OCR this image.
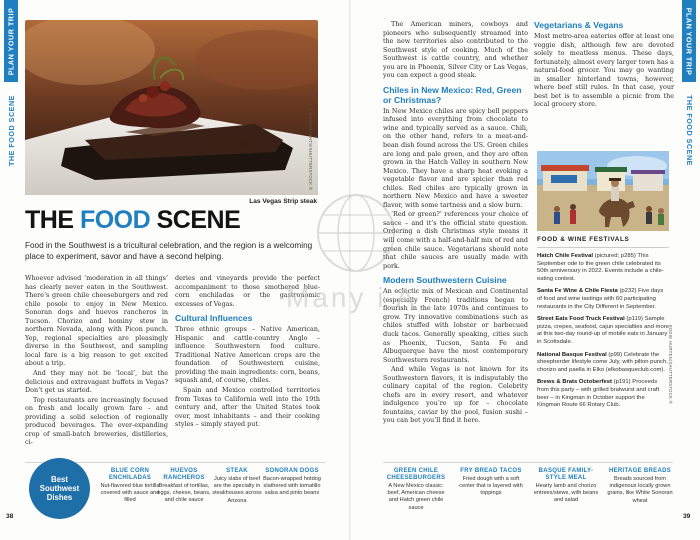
PLAN YOUR TRIP
THE FOOD SCENE
PLAN YOUR TRIP
THE FOOD SCENE
© FOODSLIGHTS/SHUTTERSTOCK ®
Las Vegas Strip steak
THE FOOD SCENE
Food in the Southwest is a tricultural celebration, and the region is a welcoming place to experiment, savor and have a second helping.

Whoever advised ‘moderation in all things’ has clearly never eaten in the Southwest. There’s green chile cheeseburgers and red chile posole to enjoy in New Mexico. Sonoran dogs and huevos rancheros in Tucson. Chorizo and hominy stew in northern Nevada, along with Picon punch. Yep, regional specialties are pleasingly diverse in the Southwest, and sampling local fare is a big reason to get excited about a trip.

And they may not be ‘local’, but the delicious and extravagant buffets in Vegas? Don’t get us started.

Top restaurants are increasingly focused on fresh and locally grown fare – and providing a solid selection of regionally produced beverages. The ever-expanding crop of small-batch breweries, distilleries, ci-

deries and vineyards provide the perfect accompaniment to those smothered blue-corn enchiladas or the gastronomic excesses of Vegas.

Cultural Influences

Three ethnic groups – Native American, Hispanic and cattle-country Anglo – influence Southwestern food culture. Traditional Native American crops are the foundation of Southwestern cuisine, providing the main ingredients: corn, beans, squash and, of course, chiles.

Spain and Mexico controlled territories from Texas to California well into the 19th century and, after the United States took over, most inhabitants – and their cooking styles – simply stayed put.

The American miners, cowboys and pioneers who subsequently streamed into the new territories also contributed to the Southwest style of cooking. Much of the Southwest is cattle country, and whether you are in Phoenix, Silver City or Las Vegas, you can expect a good steak.

Chiles in New Mexico: Red, Green or Christmas?

In New Mexico chiles are spicy bell peppers infused into everything from chocolate to wine and typically served as a sauce. Chili, on the other hand, refers to a meat-and-bean dish found across the US. Green chiles are long and pale green, and they are often grown in the Hatch Valley in southern New Mexico. They have a sharp heat evoking a vegetable flavor and are spicier than red chiles. Red chiles are typically grown in northern New Mexico and have a sweeter flavor, with some tartness and a slow burn.

‘Red or green?’ references your choice of sauce – and it’s the official state question. Ordering a dish Christmas style means it will come with a half-and-half mix of red and green chile sauce. Vegetarians should note that chile sauces are usually made with pork.

Modern Southwestern Cuisine

An eclectic mix of Mexican and Continental (especially French) traditions began to flourish in the late 1970s and continues to grow. Try innovative combinations such as chiles stuffed with lobster or barbecued duck tacos. Generally speaking, cities such as Phoenix, Tucson, Santa Fe and Albuquerque have the most contemporary Southwestern restaurants.

And while Vegas is not known for its Southwestern flavors, it is indisputably the culinary capital of the region. Celebrity chefs are in every resort, and whatever indulgence you’re up for – chocolate fountains, caviar by the pool, fusion sushi – you can bet you’ll find it here.

Vegetarians & Vegans

Most metro-area eateries offer at least one veggie dish, although few are devoted solely to meatless menus. These days, fortunately, almost every larger town has a natural-food grocer. You may go wanting in smaller hinterland towns, however, where beef still rules. In that case, your best bet is to assemble a picnic from the local grocery store.

EDDIE HURTEN/SHUTTERSTOCK ®
FOOD & WINE FESTIVALS
Hatch Chile Festival (pictured; p285) This September ode to the green chile celebrated its 50th anniversary in 2022. Events include a chile-eating contest.
Santa Fe Wine & Chile Fiesta (p232) Five days of food and wine tastings with 60 participating restaurants in the City Different in September.
Street Eats Food Truck Festival (p119) Sample pizza, crepes, seafood, cajun specialties and more at this two-day round-up of mobile eats in January in Scottsdale.
National Basque Festival (p99) Celebrate the sheepherder lifestyle come July, with pilton punch, chorizo and paella in Elko (elkobasqueclub.com).
Brews & Brats Octoberfest (p191) Proceeds from this party – with grilled bratwurst and craft beer – in Kingman in October support the Kingman Route 66 Rotary Club.
Many i A
Best
Southwest
Dishes
BLUE CORN ENCHILADAS
Nut-flavored blue tortilla covered with sauce and filled
HUEVOS RANCHEROS
Breakfast of tortillas, eggs, cheese, beans, and chile sauce
STEAK
Juicy slabs of beef are the specialty in steakhouses across Arizona
SONORAN DOGS
Bacon-wrapped hotdog slathered with tomatillo salsa and pinto beans
GREEN CHILE CHEESEBURGERS
A New Mexico classic: beef, American cheese and Hatch green chile sauce
FRY BREAD TACOS
Fried dough with a soft center that is layered with toppings
BASQUE FAMILY-STYLE MEAL
Hearty lamb and chorizo entrees/stews, with beans and salad
HERITAGE BREADS
Breads sourced from indigenous locally grown grains, like White Sonoran wheat
38	39
